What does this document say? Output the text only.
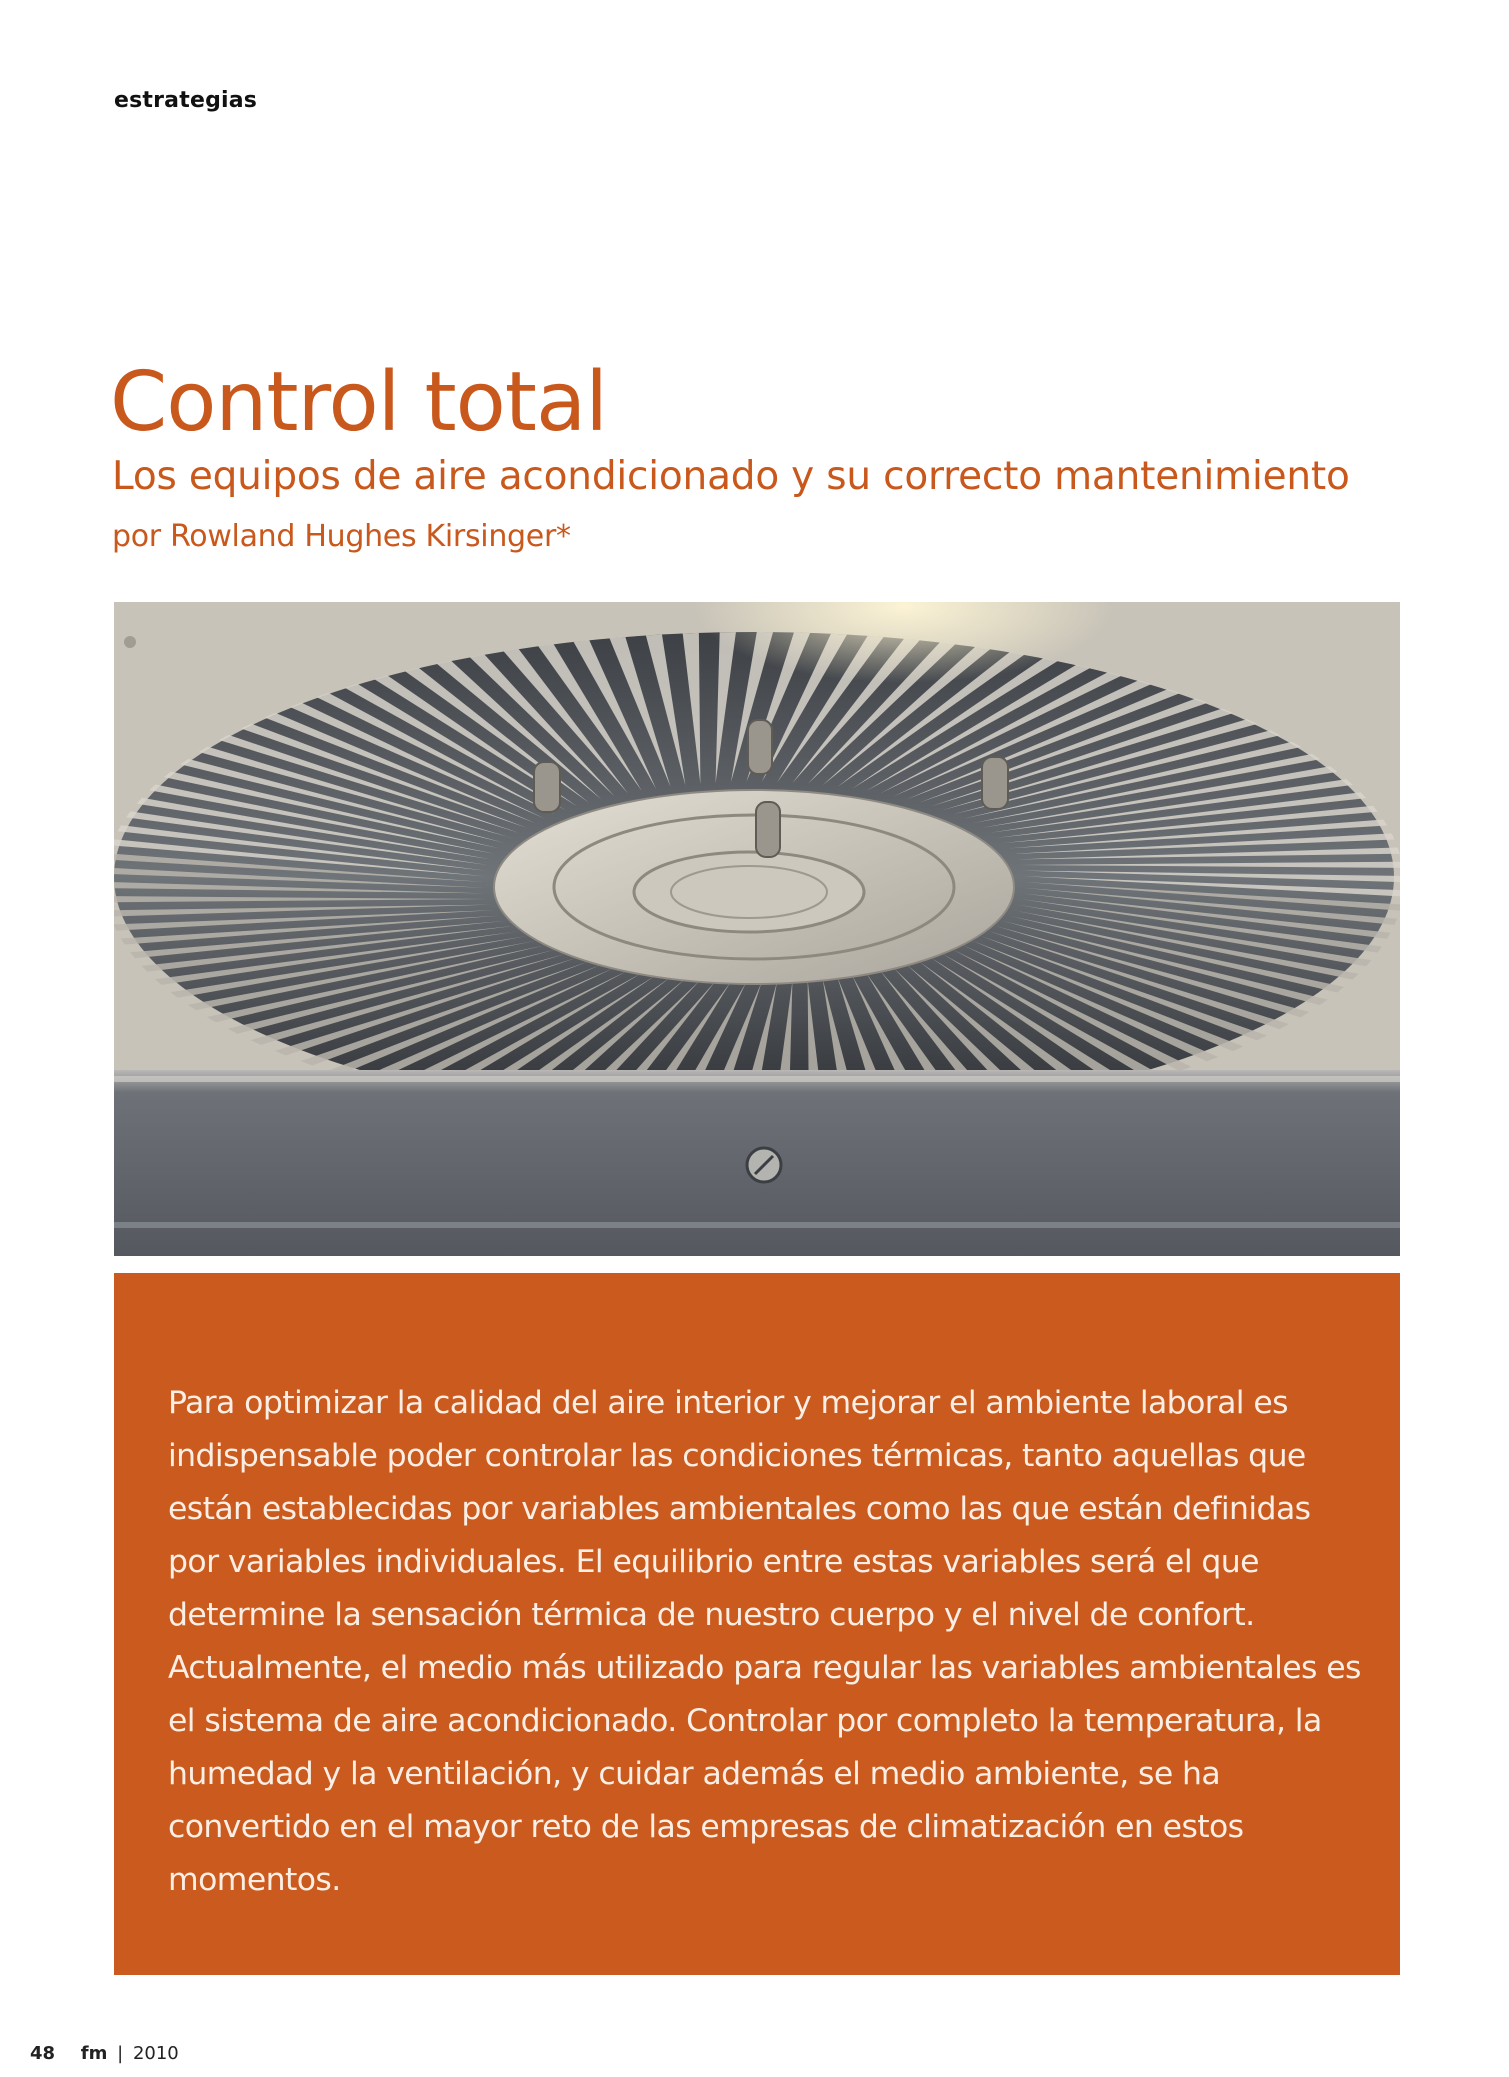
estrategias
Control total
Los equipos de aire acondicionado y su correcto mantenimiento
por Rowland Hughes Kirsinger*

Para optimizar la calidad del aire interior y mejorar el ambiente laboral es indispensable poder controlar las condiciones térmicas, tanto aquellas que están establecidas por variables ambientales como las que están definidas por variables individuales. El equilibrio entre estas variables será el que determine la sensación térmica de nuestro cuerpo y el nivel de confort.

Actualmente, el medio más utilizado para regular las variables ambientales es el sistema de aire acondicionado. Controlar por completo la temperatura, la humedad y la ventilación, y cuidar además el medio ambiente, se ha convertido en el mayor reto de las empresas de climatización en estos momentos.

48 fm | 2010
